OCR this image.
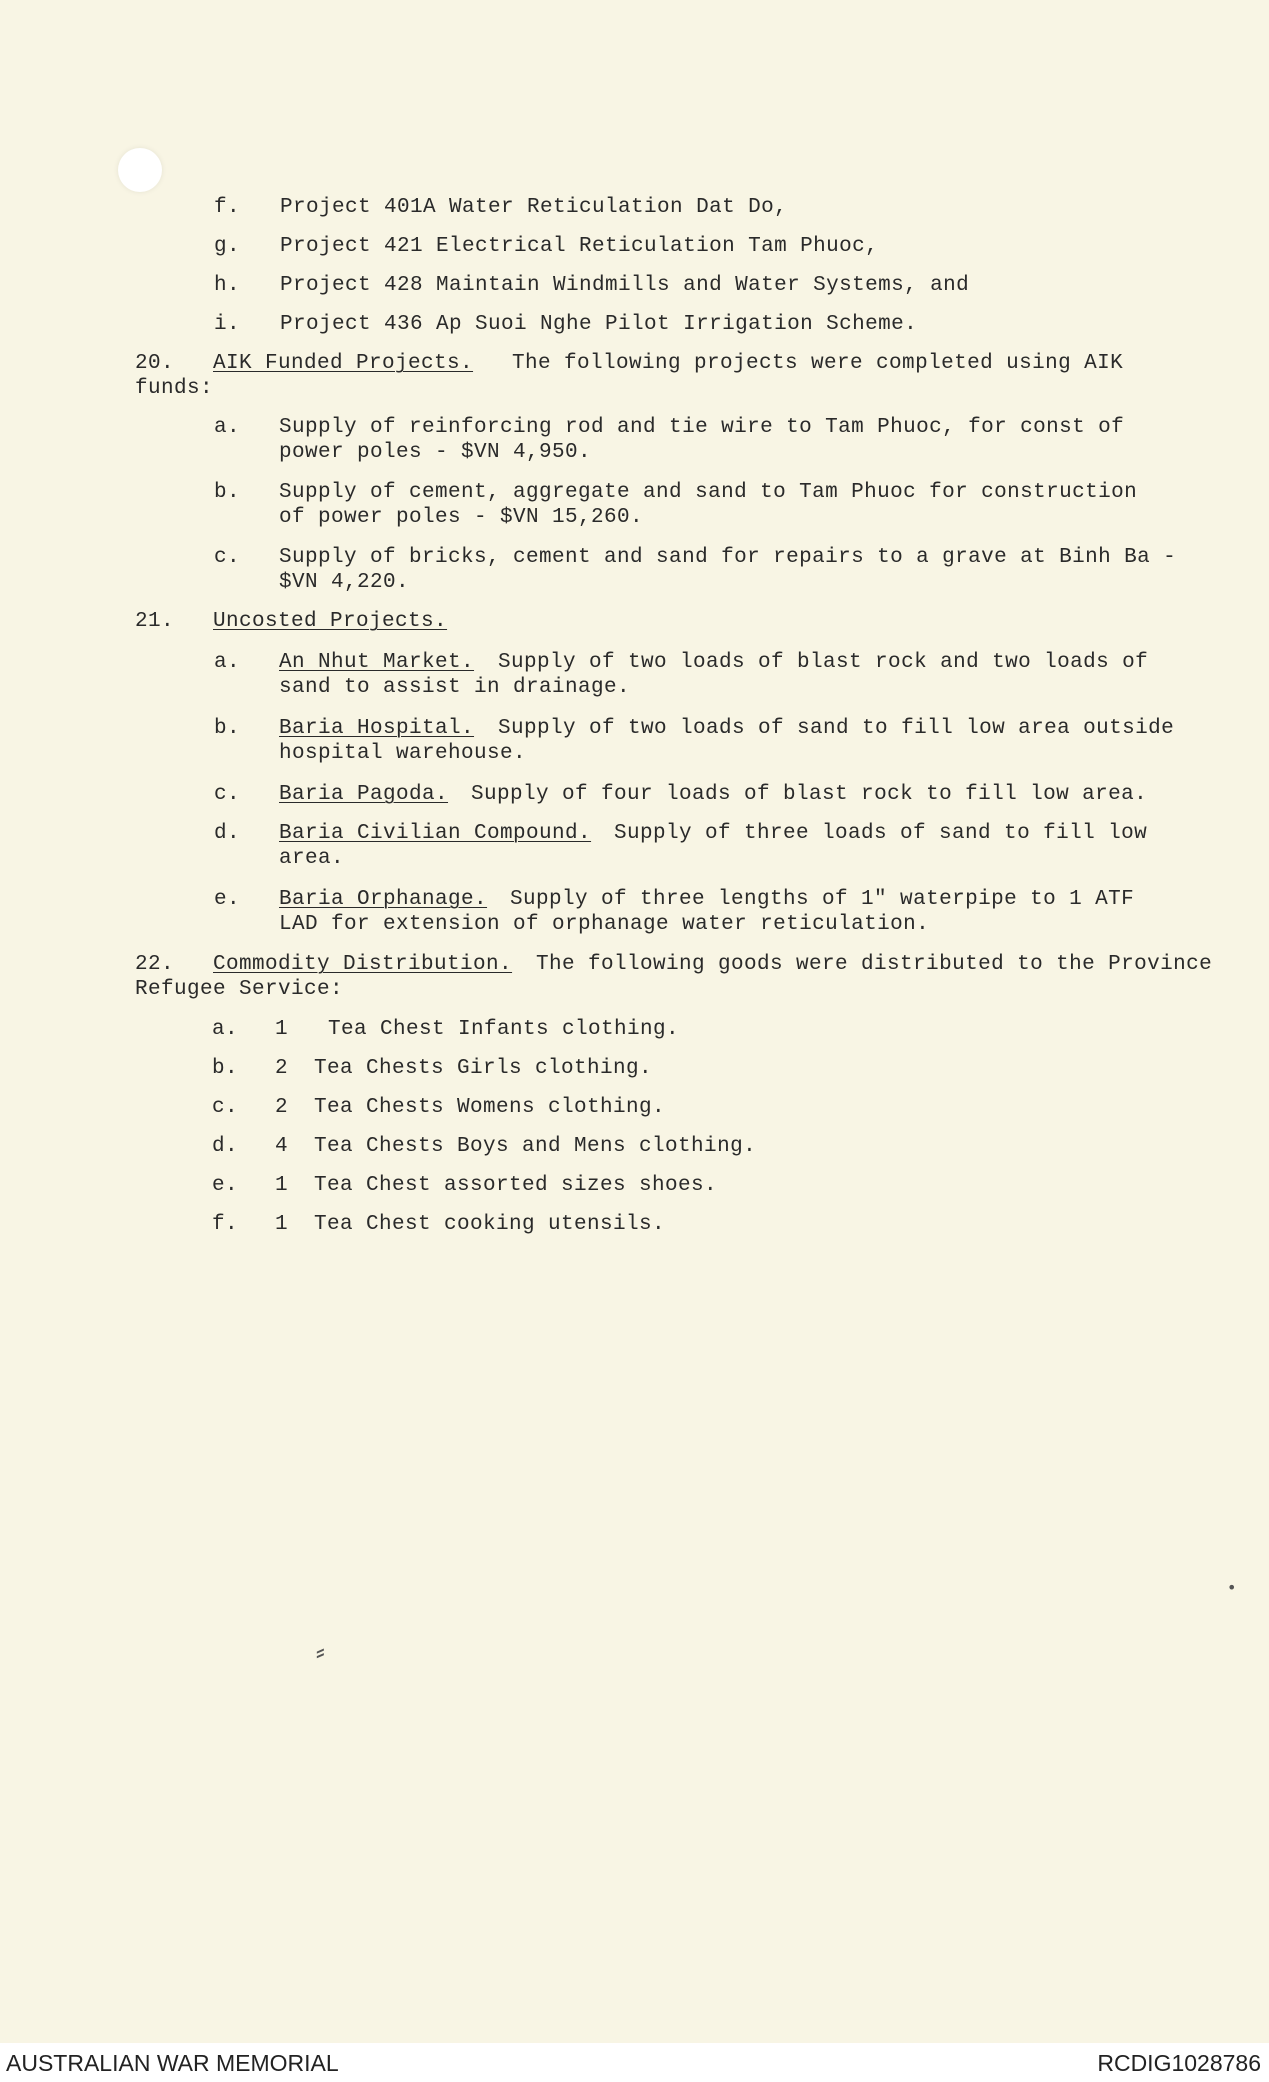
f. Project 401A Water Reticulation Dat Do,
g. Project 421 Electrical Reticulation Tam Phuoc,
h. Project 428 Maintain Windmills and Water Systems, and
i. Project 436 Ap Suoi Nghe Pilot Irrigation Scheme.
20. AIK Funded Projects. The following projects were completed using AIK
funds:
a. Supply of reinforcing rod and tie wire to Tam Phuoc, for const of
power poles - $VN 4,950.
b. Supply of cement, aggregate and sand to Tam Phuoc for construction
of power poles - $VN 15,260.
c. Supply of bricks, cement and sand for repairs to a grave at Binh Ba -
$VN 4,220.
21. Uncosted Projects.
a. An Nhut Market. Supply of two loads of blast rock and two loads of
sand to assist in drainage.
b. Baria Hospital. Supply of two loads of sand to fill low area outside
hospital warehouse.
c. Baria Pagoda. Supply of four loads of blast rock to fill low area.
d. Baria Civilian Compound. Supply of three loads of sand to fill low
area.
e. Baria Orphanage. Supply of three lengths of 1" waterpipe to 1 ATF
LAD for extension of orphanage water reticulation.
22. Commodity Distribution. The following goods were distributed to the Province
Refugee Service:
a. 1 Tea Chest Infants clothing.
b. 2 Tea Chests Girls clothing.
c. 2 Tea Chests Womens clothing.
d. 4 Tea Chests Boys and Mens clothing.
e. 1 Tea Chest assorted sizes shoes.
f. 1 Tea Chest cooking utensils.
⸗
•
AUSTRALIAN WAR MEMORIAL	RCDIG1028786
